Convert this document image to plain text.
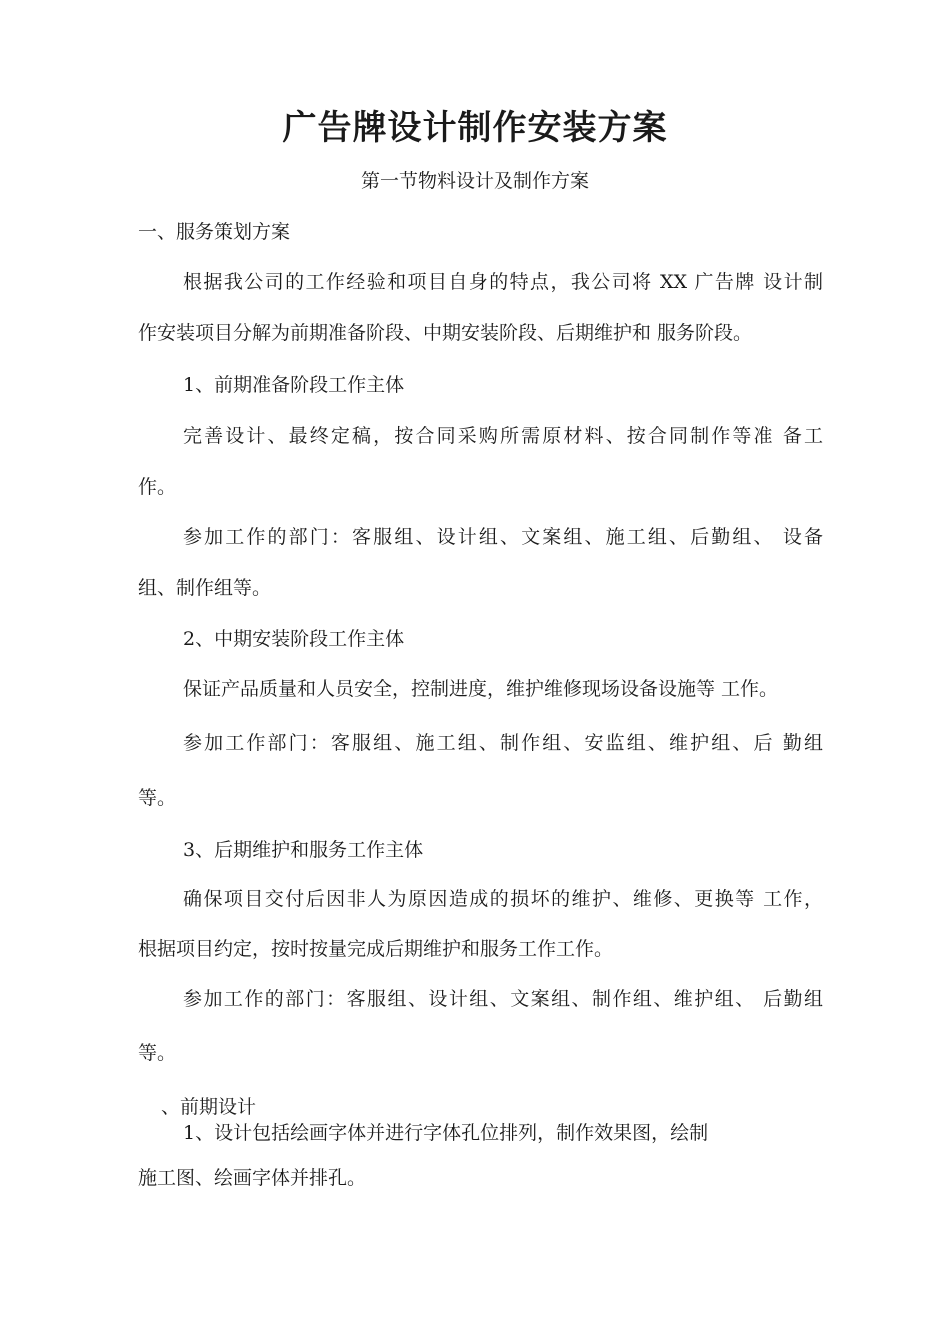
广告牌设计制作安装方案
第一节物料设计及制作方案

一、服务策划方案

根据我公司的工作经验和项目自身的特点，我公司将 XX 广告牌 设计制

作安装项目分解为前期准备阶段、中期安装阶段、后期维护和 服务阶段。

1、前期准备阶段工作主体

完善设计、最终定稿，按合同采购所需原材料、按合同制作等准 备工

作。

参加工作的部门：客服组、设计组、文案组、施工组、后勤组、 设备

组、制作组等。

2、中期安装阶段工作主体

保证产品质量和人员安全，控制进度，维护维修现场设备设施等 工作。

参加工作部门：客服组、施工组、制作组、安监组、维护组、后 勤组

等。

3、后期维护和服务工作主体

确保项目交付后因非人为原因造成的损坏的维护、维修、更换等 工作，

根据项目约定，按时按量完成后期维护和服务工作工作。

参加工作的部门：客服组、设计组、文案组、制作组、维护组、 后勤组

等。

、前期设计

1、设计包括绘画字体并进行字体孔位排列，制作效果图，绘制

施工图、绘画字体并排孔。
